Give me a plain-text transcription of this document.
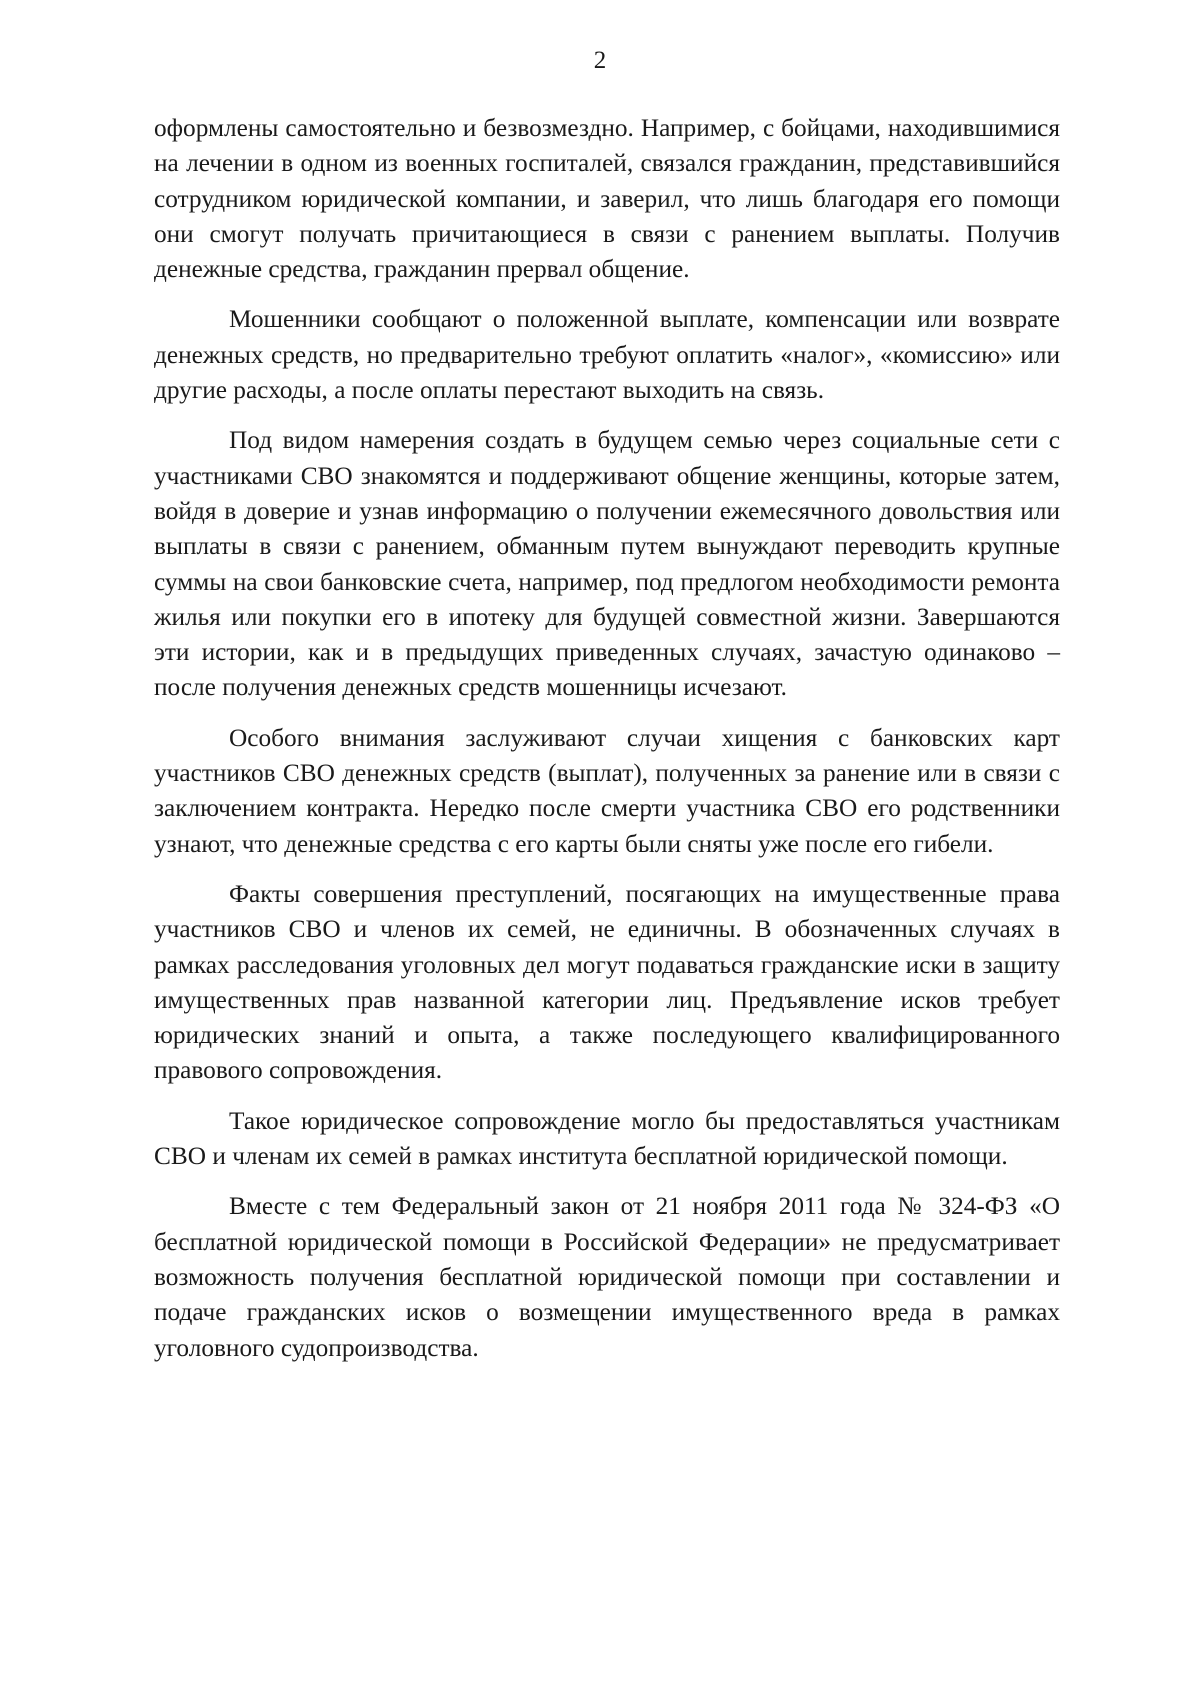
2

оформлены самостоятельно и безвозмездно. Например, с бойцами, находившимися на лечении в одном из военных госпиталей, связался гражданин, представившийся сотрудником юридической компании, и заверил, что лишь благодаря его помощи они смогут получать причитающиеся в связи с ранением выплаты. Получив денежные средства, гражданин прервал общение.

Мошенники сообщают о положенной выплате, компенсации или возврате денежных средств, но предварительно требуют оплатить «налог», «комиссию» или другие расходы, а после оплаты перестают выходить на связь.

Под видом намерения создать в будущем семью через социальные сети с участниками СВО знакомятся и поддерживают общение женщины, которые затем, войдя в доверие и узнав информацию о получении ежемесячного довольствия или выплаты в связи с ранением, обманным путем вынуждают переводить крупные суммы на свои банковские счета, например, под предлогом необходимости ремонта жилья или покупки его в ипотеку для будущей совместной жизни. Завершаются эти истории, как и в предыдущих приведенных случаях, зачастую одинаково – после получения денежных средств мошенницы исчезают.

Особого внимания заслуживают случаи хищения с банковских карт участников СВО денежных средств (выплат), полученных за ранение или в связи с заключением контракта. Нередко после смерти участника СВО его родственники узнают, что денежные средства с его карты были сняты уже после его гибели.

Факты совершения преступлений, посягающих на имущественные права участников СВО и членов их семей, не единичны. В обозначенных случаях в рамках расследования уголовных дел могут подаваться гражданские иски в защиту имущественных прав названной категории лиц. Предъявление исков требует юридических знаний и опыта, а также последующего квалифицированного правового сопровождения.

Такое юридическое сопровождение могло бы предоставляться участникам СВО и членам их семей в рамках института бесплатной юридической помощи.

Вместе с тем Федеральный закон от 21 ноября 2011 года № 324-ФЗ «О бесплатной юридической помощи в Российской Федерации» не предусматривает возможность получения бесплатной юридической помощи при составлении и подаче гражданских исков о возмещении имущественного вреда в рамках уголовного судопроизводства.
